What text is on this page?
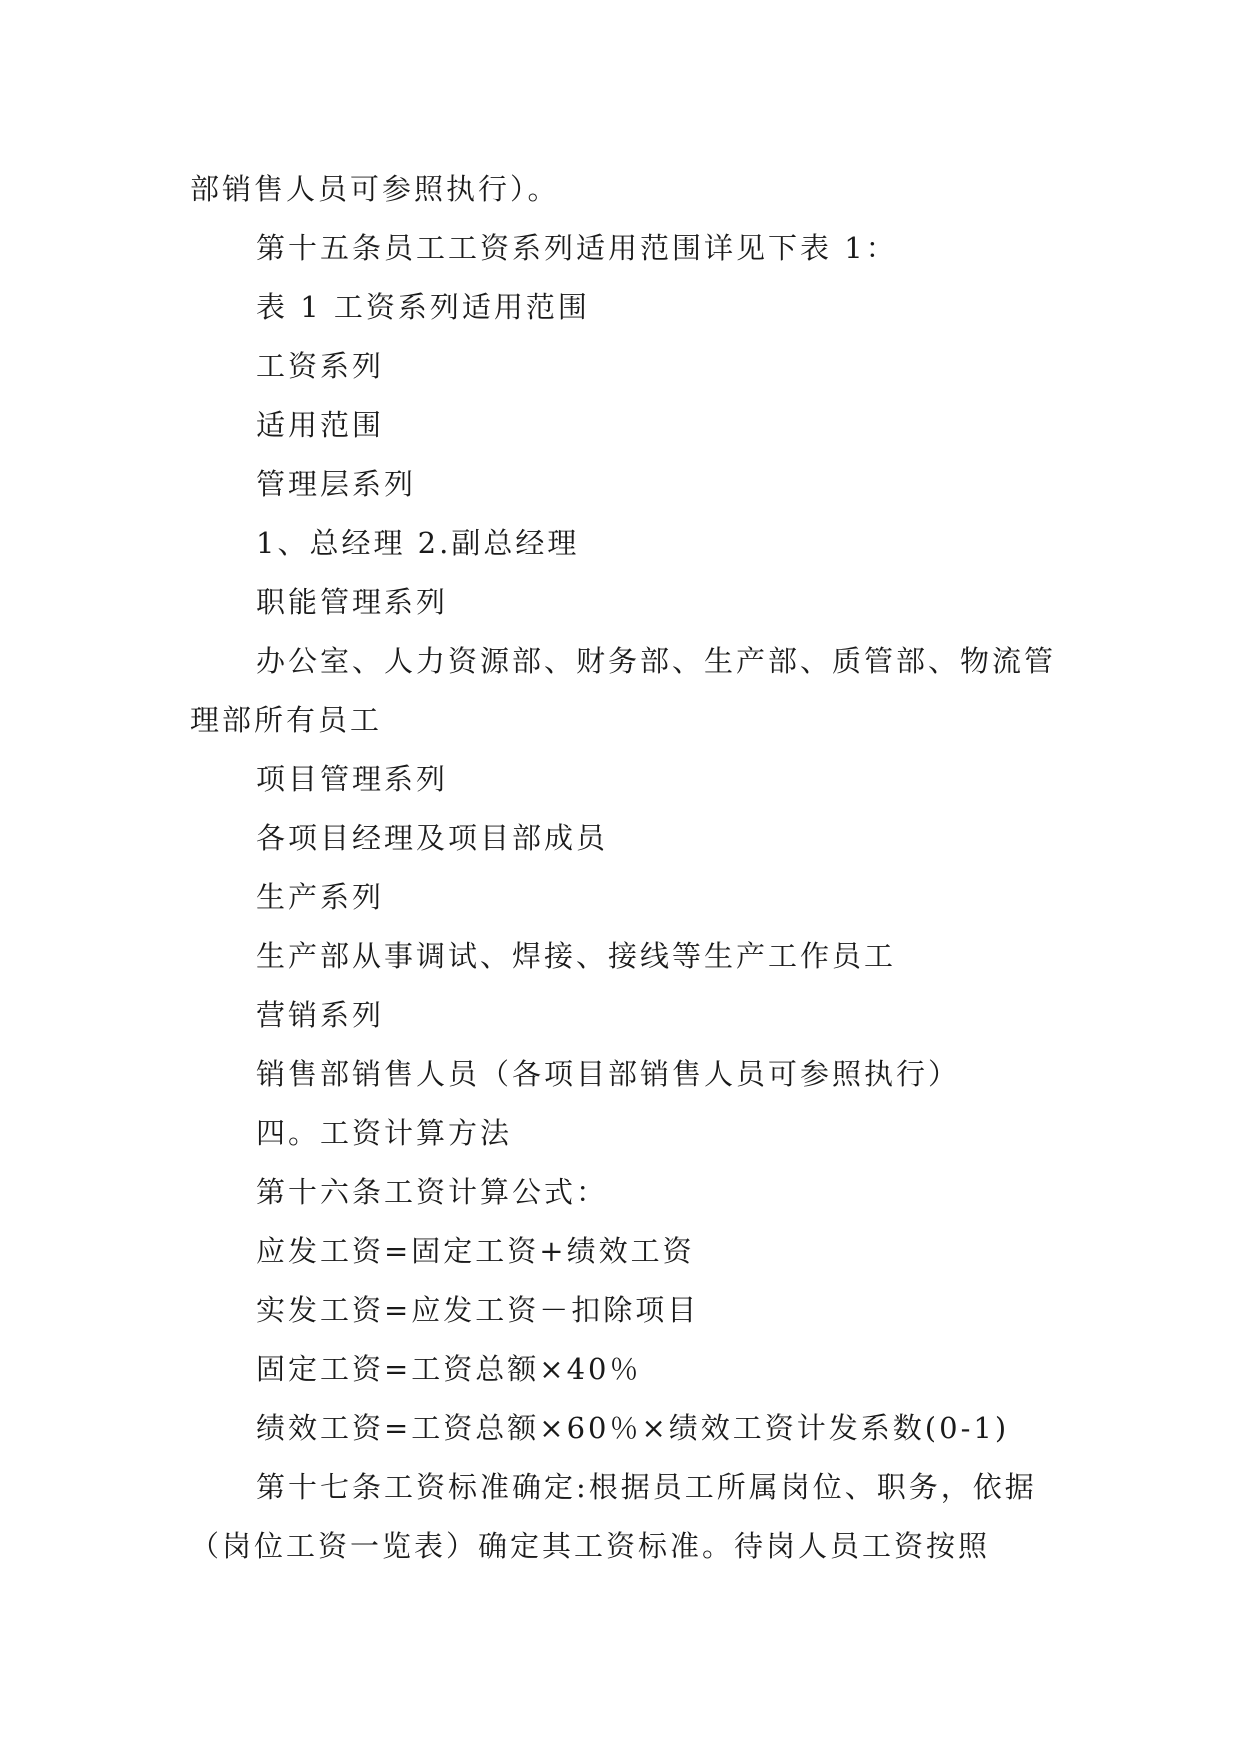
部销售人员可参照执行）。

第十五条员工工资系列适用范围详见下表 1：

表 1 工资系列适用范围

工资系列

适用范围

管理层系列

1、总经理 2.副总经理

职能管理系列

办公室、人力资源部、财务部、生产部、质管部、物流管理部所有员工

项目管理系列

各项目经理及项目部成员

生产系列

生产部从事调试、焊接、接线等生产工作员工

营销系列

销售部销售人员（各项目部销售人员可参照执行）

四。工资计算方法

第十六条工资计算公式：

应发工资=固定工资+绩效工资

实发工资=应发工资－扣除项目

固定工资=工资总额×40％

绩效工资=工资总额×60％×绩效工资计发系数(0-1)

第十七条工资标准确定:根据员工所属岗位、职务，依据（岗位工资一览表）确定其工资标准。待岗人员工资按照
